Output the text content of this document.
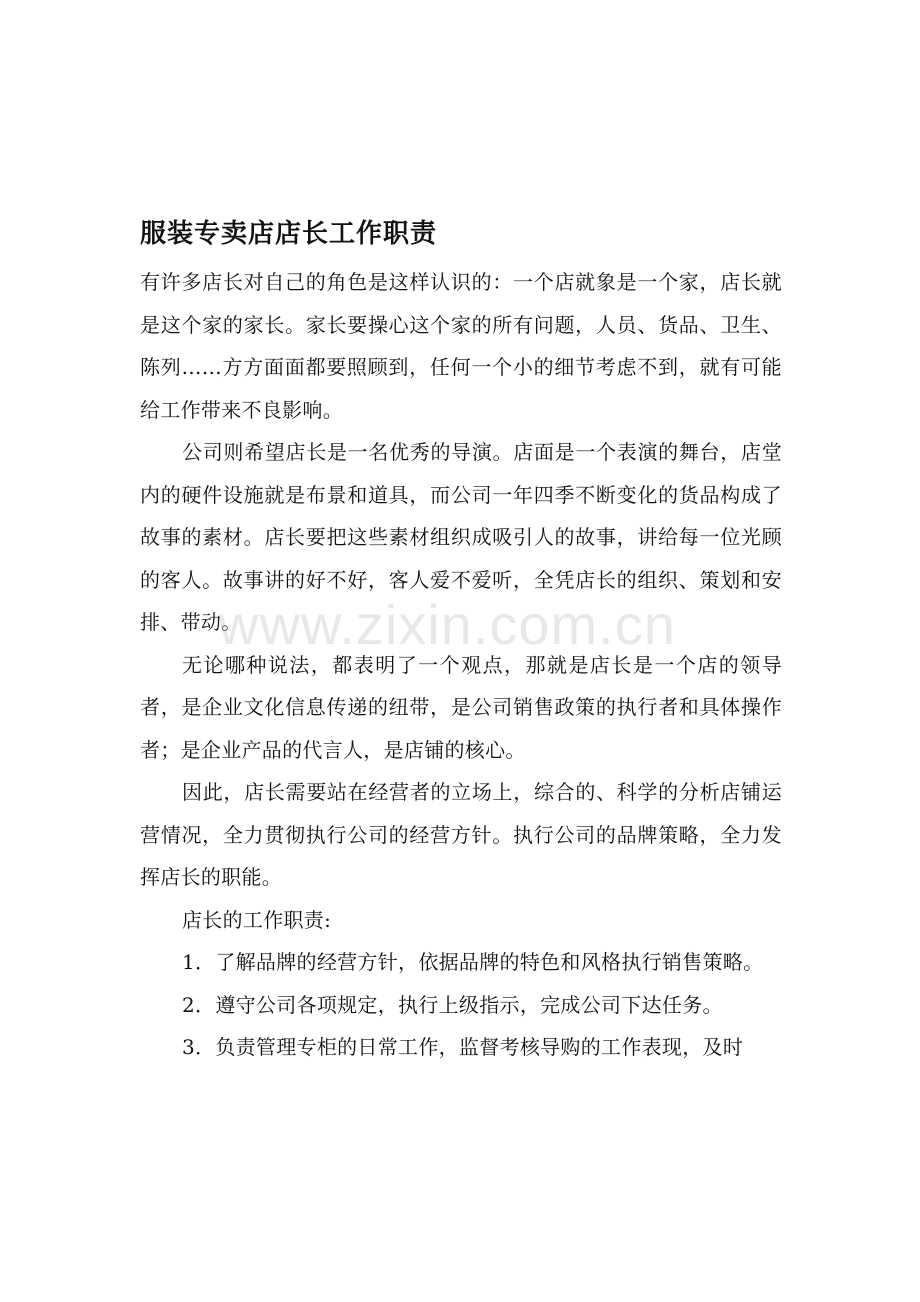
服装专卖店店长工作职责

有许多店长对自己的角色是这样认识的：一个店就象是一个家，店长就是这个家的家长。家长要操心这个家的所有问题，人员、货品、卫生、陈列……方方面面都要照顾到，任何一个小的细节考虑不到，就有可能给工作带来不良影响。

公司则希望店长是一名优秀的导演。店面是一个表演的舞台，店堂内的硬件设施就是布景和道具，而公司一年四季不断变化的货品构成了故事的素材。店长要把这些素材组织成吸引人的故事，讲给每一位光顾的客人。故事讲的好不好，客人爱不爱听，全凭店长的组织、策划和安排、带动。

无论哪种说法，都表明了一个观点，那就是店长是一个店的领导者，是企业文化信息传递的纽带，是公司销售政策的执行者和具体操作者；是企业产品的代言人，是店铺的核心。

因此，店长需要站在经营者的立场上，综合的、科学的分析店铺运营情况，全力贯彻执行公司的经营方针。执行公司的品牌策略，全力发挥店长的职能。

店长的工作职责:

1．了解品牌的经营方针，依据品牌的特色和风格执行销售策略。

2．遵守公司各项规定，执行上级指示，完成公司下达任务。

3．负责管理专柜的日常工作，监督考核导购的工作表现，及时

www.zixin.com.cn
